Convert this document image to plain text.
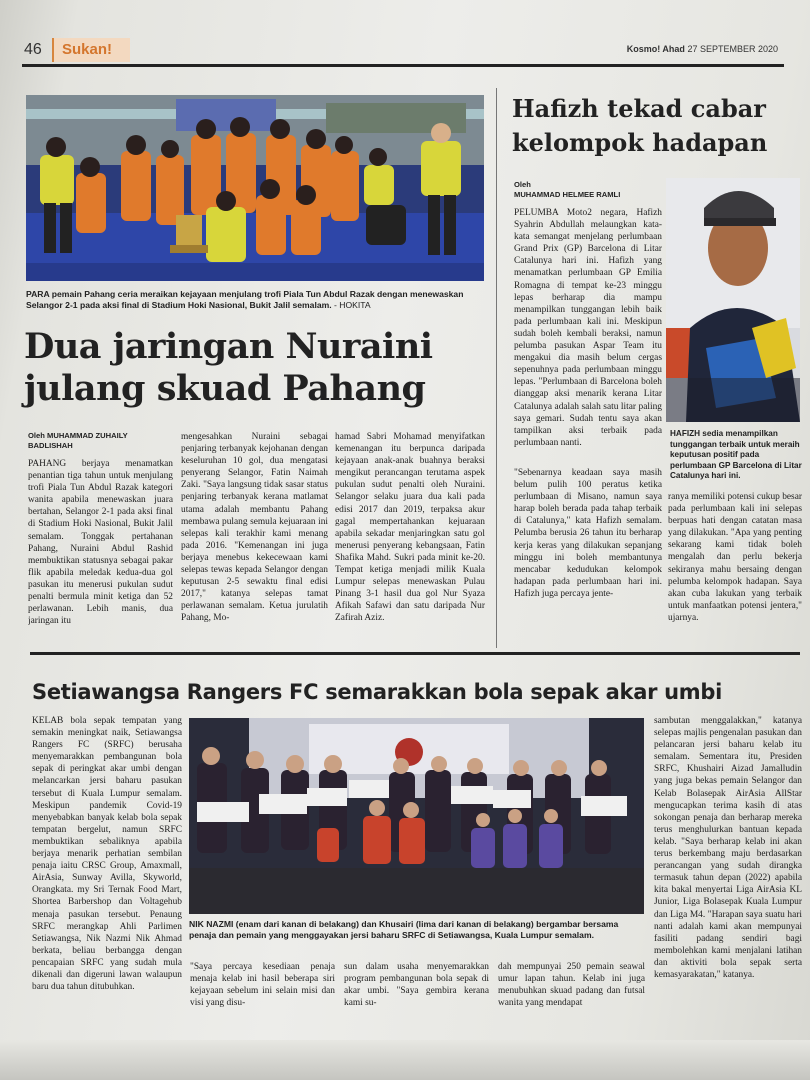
46	Sukan!	Kosmo! Ahad 27 SEPTEMBER 2020
PARA pemain Pahang ceria meraikan kejayaan menjulang trofi Piala Tun Abdul Razak dengan menewaskan Selangor 2-1 pada aksi final di Stadium Hoki Nasional, Bukit Jalil semalam. - HOKITA
Dua jaringan Nuraini
julang skuad Pahang
Oleh MUHAMMAD ZUHAILY BADLISHAH
PAHANG berjaya menamatkan penantian tiga tahun untuk menjulang trofi Piala Tun Abdul Razak kategori wanita apabila menewaskan juara bertahan, Selangor 2-1 pada aksi final di Stadium Hoki Nasional, Bukit Jalil semalam. Tonggak pertahanan Pahang, Nuraini Abdul Rashid membuktikan statusnya sebagai pakar flik apabila meledak kedua-dua gol pasukan itu menerusi pukulan sudut penalti bermula minit ketiga dan 52 perlawanan. Lebih manis, dua jaringan itu
mengesahkan Nuraini sebagai penjaring terbanyak kejohanan dengan keseluruhan 10 gol, dua mengatasi penyerang Selangor, Fatin Naimah Zaki. "Saya langsung tidak sasar status penjaring terbanyak kerana matlamat utama adalah membantu Pahang membawa pulang semula kejuaraan ini selepas kali terakhir kami menang pada 2016. "Kemenangan ini juga berjaya menebus kekecewaan kami selepas tewas kepada Selangor dengan keputusan 2-5 sewaktu final edisi 2017," katanya selepas tamat perlawanan semalam. Ketua jurulatih Pahang, Mo-
hamad Sabri Mohamad menyifatkan kemenangan itu berpunca daripada kejayaan anak-anak buahnya beraksi mengikut perancangan terutama aspek pukulan sudut penalti oleh Nuraini. Selangor selaku juara dua kali pada edisi 2017 dan 2019, terpaksa akur gagal mempertahankan kejuaraan apabila sekadar menjaringkan satu gol menerusi penyerang kebangsaan, Fatin Shafika Mahd. Sukri pada minit ke-20. Tempat ketiga menjadi milik Kuala Lumpur selepas menewaskan Pulau Pinang 3-1 hasil dua gol Nur Syaza Afikah Safawi dan satu daripada Nur Zafirah Aziz.
Hafizh tekad cabar
kelompok hadapan
Oleh
MUHAMMAD HELMEE RAMLI
PELUMBA Moto2 negara, Hafizh Syahrin Abdullah melaungkan kata-kata semangat menjelang perlumbaan Grand Prix (GP) Barcelona di Litar Catalunya hari ini. Hafizh yang menamatkan perlumbaan GP Emilia Romagna di tempat ke-23 minggu lepas berharap dia mampu menampilkan tunggangan lebih baik pada perlumbaan kali ini. Meskipun sudah boleh kembali beraksi, namun pelumba pasukan Aspar Team itu mengakui dia masih belum cergas sepenuhnya pada perlumbaan minggu lepas. "Perlumbaan di Barcelona boleh dianggap aksi menarik kerana Litar Catalunya adalah salah satu litar paling saya gemari. Sudah tentu saya akan tampilkan aksi terbaik pada perlumbaan nanti.
HAFIZH sedia menampilkan tunggangan terbaik untuk meraih keputusan positif pada perlumbaan GP Barcelona di Litar Catalunya hari ini.
"Sebenarnya keadaan saya masih belum pulih 100 peratus ketika perlumbaan di Misano, namun saya harap boleh berada pada tahap terbaik di Catalunya," kata Hafizh semalam. Pelumba berusia 26 tahun itu berharap kerja keras yang dilakukan sepanjang minggu ini boleh membantunya mencabar kedudukan kelompok hadapan pada perlumbaan hari ini. Hafizh juga percaya jente-
ranya memiliki potensi cukup besar pada perlumbaan kali ini selepas berpuas hati dengan catatan masa yang dilakukan. "Apa yang penting sekarang kami tidak boleh mengalah dan perlu bekerja sekiranya mahu bersaing dengan pelumba kelompok hadapan. Saya akan cuba lakukan yang terbaik untuk manfaatkan potensi jentera," ujarnya.
Setiawangsa Rangers FC semarakkan bola sepak akar umbi
KELAB bola sepak tempatan yang semakin meningkat naik, Setiawangsa Rangers FC (SRFC) berusaha menyemarakkan pembangunan bola sepak di peringkat akar umbi dengan melancarkan jersi baharu pasukan tersebut di Kuala Lumpur semalam. Meskipun pandemik Covid-19 menyebabkan banyak kelab bola sepak tempatan bergelut, namun SRFC membuktikan sebaliknya apabila berjaya menarik perhatian sembilan penaja iaitu CRSC Group, Amaxmall, AirAsia, Sunway Avilla, Skyworld, Orangkata. my Sri Ternak Food Mart, Shortea Barbershop dan Voltagehub menaja pasukan tersebut. Penaung SRFC merangkap Ahli Parlimen Setiawangsa, Nik Nazmi Nik Ahmad berkata, beliau berbangga dengan pencapaian SRFC yang sudah mula dikenali dan digeruni lawan walaupun baru dua tahun ditubuhkan.
NIK NAZMI (enam dari kanan di belakang) dan Khusairi (lima dari kanan di belakang) bergambar bersama penaja dan pemain yang menggayakan jersi baharu SRFC di Setiawangsa, Kuala Lumpur semalam.
"Saya percaya kesediaan penaja menaja kelab ini hasil beberapa siri kejayaan sebelum ini selain misi dan visi yang disu-
sun dalam usaha menyemarakkan program pembangunan bola sepak di akar umbi. "Saya gembira kerana kami su-
dah mempunyai 250 pemain seawal umur lapan tahun. Kelab ini juga menubuhkan skuad padang dan futsal wanita yang mendapat
sambutan menggalakkan," katanya selepas majlis pengenalan pasukan dan pelancaran jersi baharu kelab itu semalam. Sementara itu, Presiden SRFC, Khushairi Aizad Jamalludin yang juga bekas pemain Selangor dan Kelab Bolasepak AirAsia AllStar mengucapkan terima kasih di atas sokongan penaja dan berharap mereka terus menghulurkan bantuan kepada kelab. "Saya berharap kelab ini akan terus berkembang maju berdasarkan perancangan yang sudah dirangka termasuk tahun depan (2022) apabila kita bakal menyertai Liga AirAsia KL Junior, Liga Bolasepak Kuala Lumpur dan Liga M4. "Harapan saya suatu hari nanti adalah kami akan mempunyai fasiliti padang sendiri bagi membolehkan kami menjalani latihan dan aktiviti bola sepak serta kemasyarakatan," katanya.
